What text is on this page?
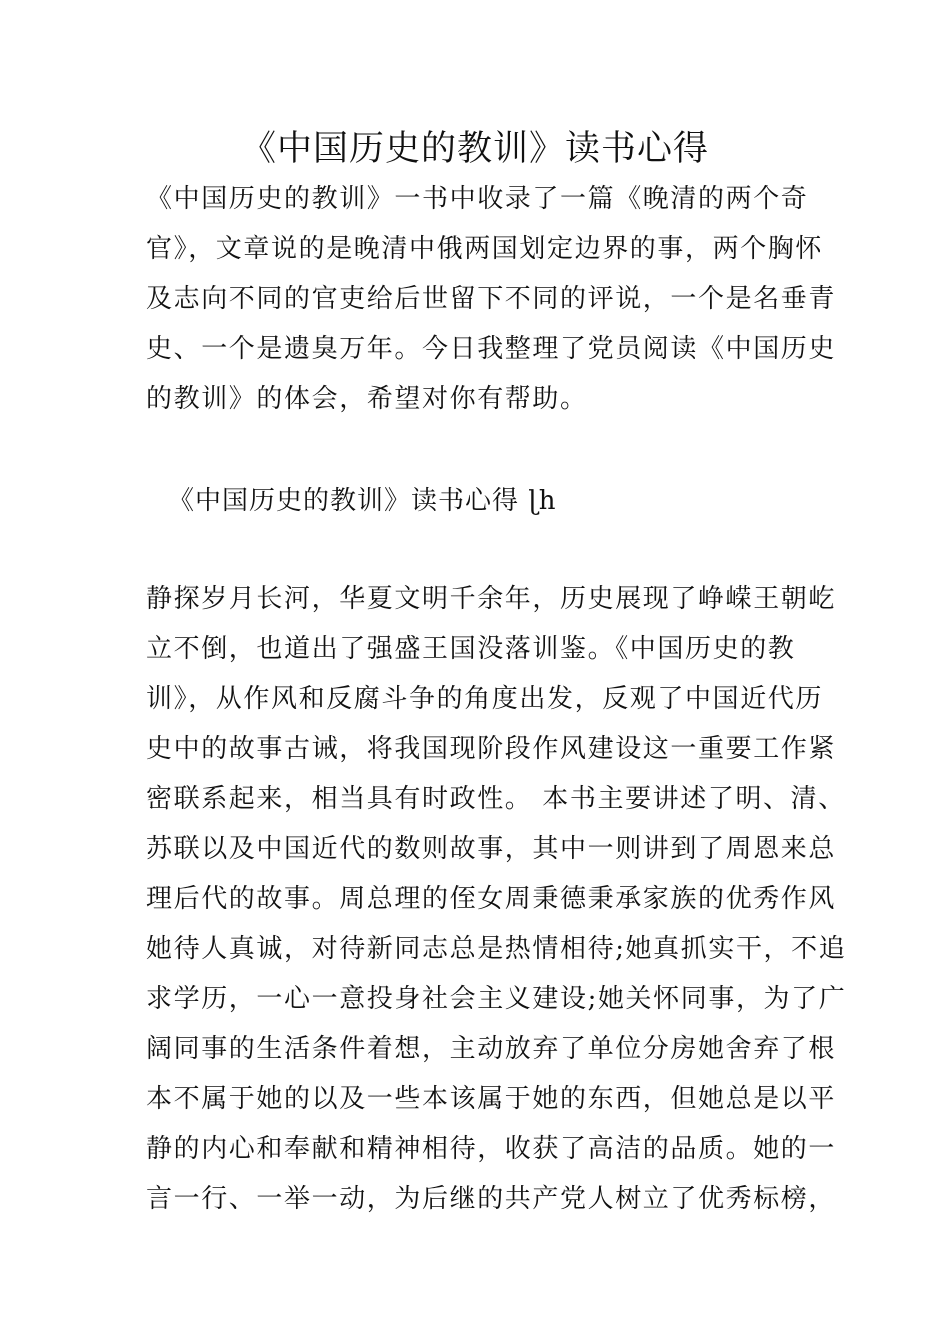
《中国历史的教训》读书心得
《中国历史的教训》一书中收录了一篇《晚清的两个奇
官》，文章说的是晚清中俄两国划定边界的事，两个胸怀
及志向不同的官吏给后世留下不同的评说，一个是名垂青
史、一个是遗臭万年。今日我整理了党员阅读《中国历史
的教训》的体会，希望对你有帮助。
《中国历史的教训》读书心得 ɭh
静探岁月长河，华夏文明千余年，历史展现了峥嵘王朝屹
立不倒，也道出了强盛王国没落训鉴。《中国历史的教
训》，从作风和反腐斗争的角度出发，反观了中国近代历
史中的故事古诫，将我国现阶段作风建设这一重要工作紧
密联系起来，相当具有时政性。 本书主要讲述了明、清、
苏联以及中国近代的数则故事，其中一则讲到了周恩来总
理后代的故事。周总理的侄女周秉德秉承家族的优秀作风
她待人真诚，对待新同志总是热情相待;她真抓实干，不追
求学历，一心一意投身社会主义建设;她关怀同事，为了广
阔同事的生活条件着想，主动放弃了单位分房她舍弃了根
本不属于她的以及一些本该属于她的东西，但她总是以平
静的内心和奉献和精神相待，收获了高洁的品质。她的一
言一行、一举一动，为后继的共产党人树立了优秀标榜，
